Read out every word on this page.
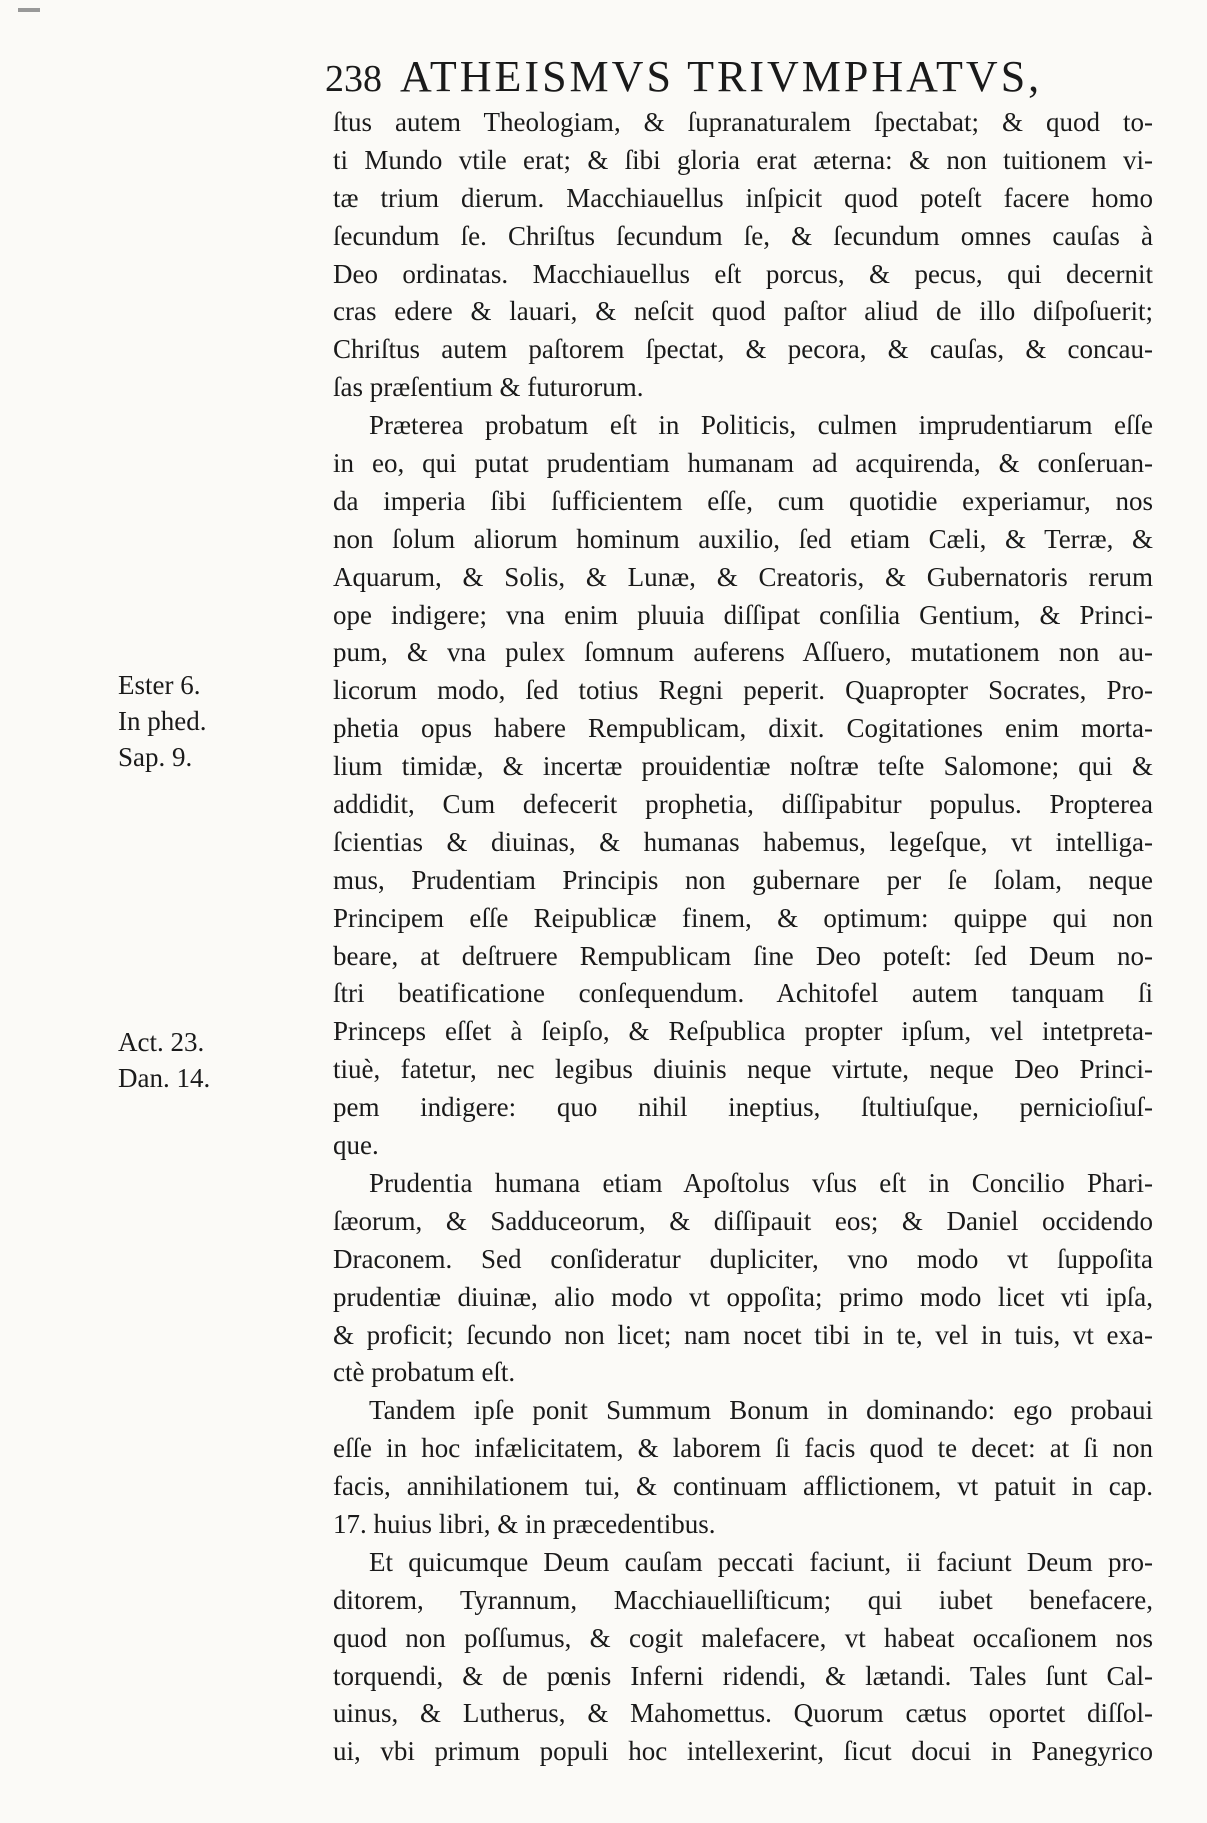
238 ATHEISMVS TRIVMPHATVS,
Ester 6.
In phed.
Sap. 9.
Act. 23.
Dan. 14.
ſtus autem Theologiam, & ſupranaturalem ſpectabat; & quod to-
ti Mundo vtile erat; & ſibi gloria erat æterna: & non tuitionem vi-
tæ trium dierum. Macchiauellus inſpicit quod poteſt facere homo
ſecundum ſe. Chriſtus ſecundum ſe, & ſecundum omnes cauſas à
Deo ordinatas. Macchiauellus eſt porcus, & pecus, qui decernit
cras edere & lauari, & neſcit quod paſtor aliud de illo diſpoſuerit;
Chriſtus autem paſtorem ſpectat, & pecora, & cauſas, & concau-
ſas præſentium & futurorum.
Præterea probatum eſt in Politicis, culmen imprudentiarum eſſe
in eo, qui putat prudentiam humanam ad acquirenda, & conſeruan-
da imperia ſibi ſufficientem eſſe, cum quotidie experiamur, nos
non ſolum aliorum hominum auxilio, ſed etiam Cæli, & Terræ, &
Aquarum, & Solis, & Lunæ, & Creatoris, & Gubernatoris rerum
ope indigere; vna enim pluuia diſſipat conſilia Gentium, & Princi-
pum, & vna pulex ſomnum auferens Aſſuero, mutationem non au-
licorum modo, ſed totius Regni peperit. Quapropter Socrates, Pro-
phetia opus habere Rempublicam, dixit. Cogitationes enim morta-
lium timidæ, & incertæ prouidentiæ noſtræ teſte Salomone; qui &
addidit, Cum defecerit prophetia, diſſipabitur populus. Propterea
ſcientias & diuinas, & humanas habemus, legeſque, vt intelliga-
mus, Prudentiam Principis non gubernare per ſe ſolam, neque
Principem eſſe Reipublicæ finem, & optimum: quippe qui non
beare, at deſtruere Rempublicam ſine Deo poteſt: ſed Deum no-
ſtri beatificatione conſequendum. Achitofel autem tanquam ſi
Princeps eſſet à ſeipſo, & Reſpublica propter ipſum, vel intetpreta-
tiuè, fatetur, nec legibus diuinis neque virtute, neque Deo Princi-
pem indigere: quo nihil ineptius, ſtultiuſque, pernicioſiuſ-
que.
Prudentia humana etiam Apoſtolus vſus eſt in Concilio Phari-
ſæorum, & Sadduceorum, & diſſipauit eos; & Daniel occidendo
Draconem. Sed conſideratur dupliciter, vno modo vt ſuppoſita
prudentiæ diuinæ, alio modo vt oppoſita; primo modo licet vti ipſa,
& proficit; ſecundo non licet; nam nocet tibi in te, vel in tuis, vt exa-
ctè probatum eſt.
Tandem ipſe ponit Summum Bonum in dominando: ego probaui
eſſe in hoc infælicitatem, & laborem ſi facis quod te decet: at ſi non
facis, annihilationem tui, & continuam afflictionem, vt patuit in cap.
17. huius libri, & in præcedentibus.
Et quicumque Deum cauſam peccati faciunt, ii faciunt Deum pro-
ditorem, Tyrannum, Macchiauelliſticum; qui iubet benefacere,
quod non poſſumus, & cogit malefacere, vt habeat occaſionem nos
torquendi, & de pœnis Inferni ridendi, & lætandi. Tales ſunt Cal-
uinus, & Lutherus, & Mahomettus. Quorum cætus oportet diſſol-
ui, vbi primum populi hoc intellexerint, ſicut docui in Panegyrico
